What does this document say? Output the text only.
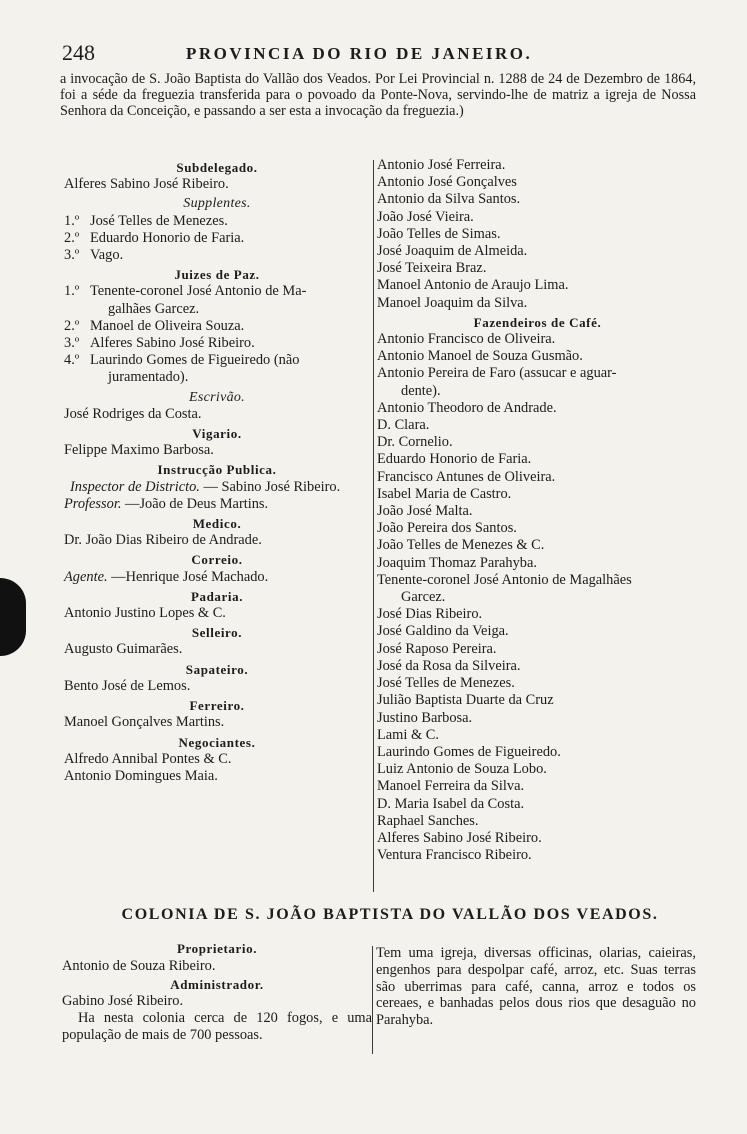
248	PROVINCIA DO RIO DE JANEIRO.

a invocação de S. João Baptista do Vallão dos Veados. Por Lei Provincial n. 1288 de 24 de Dezembro de 1864, foi a séde da freguezia transferida para o povoado da Ponte-Nova, servindo-lhe de matriz a igreja de Nossa Senhora da Conceição, e passando a ser esta a invocação da freguezia.)

Subdelegado.
Alferes Sabino José Ribeiro.
Supplentes.
1.º José Telles de Menezes.
2.º Eduardo Honorio de Faria.
3.º Vago.
Juizes de Paz.
1.º Tenente-coronel José Antonio de Ma-
galhães Garcez.
2.º Manoel de Oliveira Souza.
3.º Alferes Sabino José Ribeiro.
4.º Laurindo Gomes de Figueiredo (não
juramentado).
Escrivão.
José Rodriges da Costa.
Vigario.
Felippe Maximo Barbosa.
Instrucção Publica.
Inspector de Districto. — Sabino José Ribeiro.
Professor. —João de Deus Martins.
Medico.
Dr. João Dias Ribeiro de Andrade.
Correio.
Agente. —Henrique José Machado.
Padaria.
Antonio Justino Lopes & C.
Selleiro.
Augusto Guimarães.
Sapateiro.
Bento José de Lemos.
Ferreiro.
Manoel Gonçalves Martins.
Negociantes.
Alfredo Annibal Pontes & C.
Antonio Domingues Maia.
Antonio José Ferreira.
Antonio José Gonçalves
Antonio da Silva Santos.
João José Vieira.
João Telles de Simas.
José Joaquim de Almeida.
José Teixeira Braz.
Manoel Antonio de Araujo Lima.
Manoel Joaquim da Silva.
Fazendeiros de Café.
Antonio Francisco de Oliveira.
Antonio Manoel de Souza Gusmão.
Antonio Pereira de Faro (assucar e aguar-
dente).
Antonio Theodoro de Andrade.
D. Clara.
Dr. Cornelio.
Eduardo Honorio de Faria.
Francisco Antunes de Oliveira.
Isabel Maria de Castro.
João José Malta.
João Pereira dos Santos.
João Telles de Menezes & C.
Joaquim Thomaz Parahyba.
Tenente-coronel José Antonio de Magalhães
Garcez.
José Dias Ribeiro.
José Galdino da Veiga.
José Raposo Pereira.
José da Rosa da Silveira.
José Telles de Menezes.
Julião Baptista Duarte da Cruz
Justino Barbosa.
Lami & C.
Laurindo Gomes de Figueiredo.
Luiz Antonio de Souza Lobo.
Manoel Ferreira da Silva.
D. Maria Isabel da Costa.
Raphael Sanches.
Alferes Sabino José Ribeiro.
Ventura Francisco Ribeiro.
COLONIA DE S. JOÃO BAPTISTA DO VALLÃO DOS VEADOS.
Proprietario.
Antonio de Souza Ribeiro.
Administrador.
Gabino José Ribeiro.

Ha nesta colonia cerca de 120 fogos, e uma população de mais de 700 pessoas.

Tem uma igreja, diversas officinas, olarias, caieiras, engenhos para despolpar café, arroz, etc. Suas terras são uberrimas para café, canna, arroz e todos os cereaes, e banhadas pelos dous rios que desaguão no Parahyba.
